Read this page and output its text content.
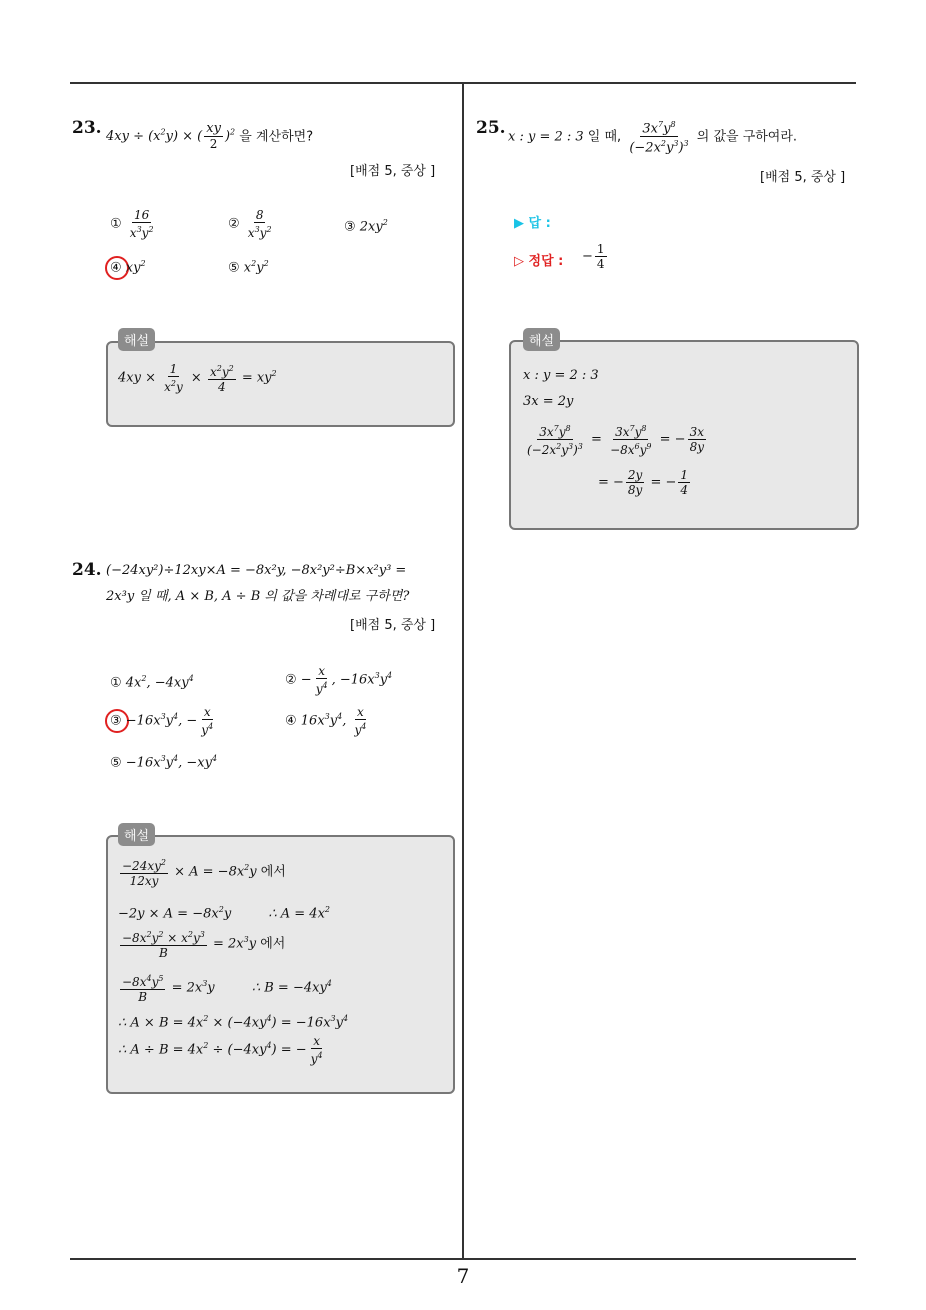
7
23. $4xy \div (x^2y)$ × ( $\frac{xy}{2} )^2$ 을 계산하면?
[배점 5, 중상 ]
① $\frac{16}{x^3y^2}$	② $\frac{8}{x^3y^2}$	③ $2xy^2$
④ $xy^2$	⑤ $x^2y^2$
해설
$4xy \times \frac{1}{x^2y} \times \frac{x^2y^2}{4} = xy^2$
24. (−24xy²)÷12xy×A = −8x²y, −8x²y²÷B×x²y³ =
2x³y 일 때, A × B, A ÷ B 의 값을 차례대로 구하면?
[배점 5, 중상 ]
① $4x^2$, $-4xy^4$	② − $\frac{x}{y^4}$ , $-16x^3y^4$
③ $-16x^3y^4$, − $\frac{x}{y^4}$	④ $16x^3y^4$, $\frac{x}{y^4}$
⑤ $-16x^3y^4$, $-xy^4$
해설
$\frac{-24xy^2}{12xy} \times A = -8x^2y$ 에서
$-2y \times A = -8x^2y$         ∴ $A = 4x^2$
$\frac{-8x^2y^2 \times x^2y^3}{B} = 2x^3y$ 에서
$\frac{-8x^4y^5}{B} = 2x^3y$         ∴ $B = -4xy^4$
∴ $A \times B = 4x^2 \times (-4xy^4) = -16x^3y^4$
∴ $A \div B = 4x^2 \div (-4xy^4)$ = − $\frac{x}{y^4}$
25. x : y = 2 : 3 일 때, $\frac{3x^7y^8}{(-2x^2y^3)^3}$ 의 값을 구하여라.
[배점 5, 중상 ]
▶ 답 :
▷ 정답 : − $\frac{1}{4}$
해설
x : y = 2 : 3
3x = 2y
$\frac{3x^7y^8}{(-2x^2y^3)^3} = \frac{3x^7y^8}{-8x^6y^9}$ = − $\frac{3x}{8y}$
= − $\frac{2y}{8y}$ = − $\frac{1}{4}$
